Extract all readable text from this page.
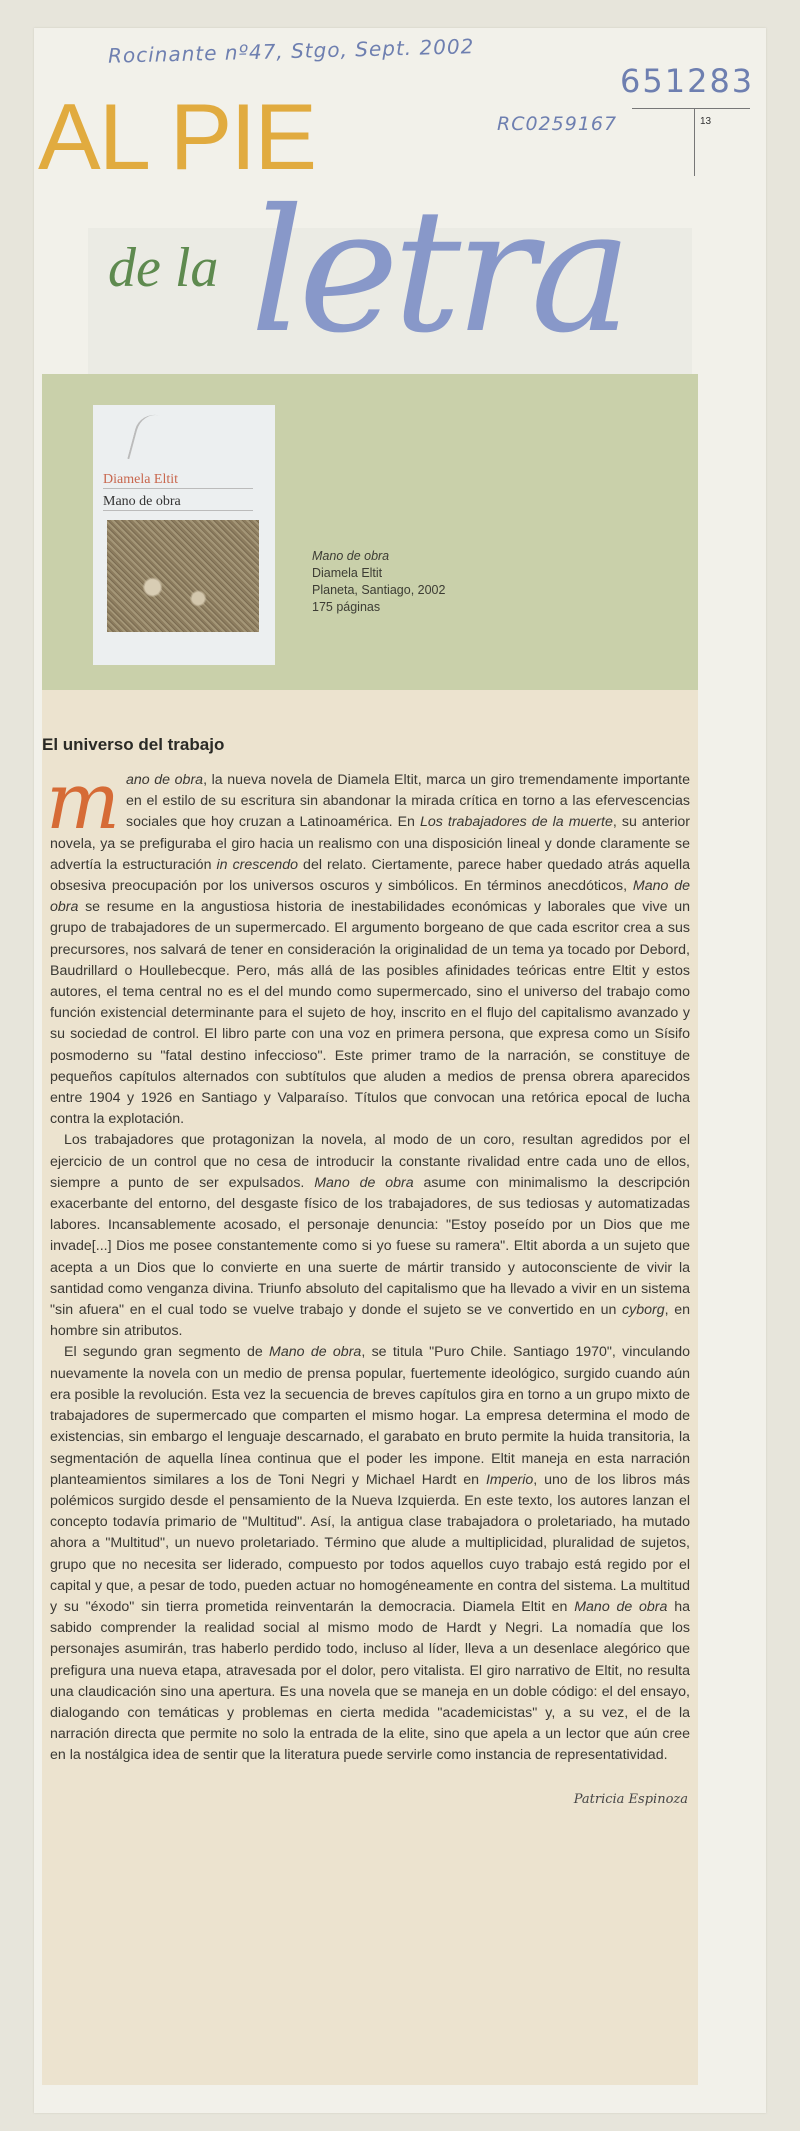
Rocinante nº47, Stgo, Sept. 2002
651283
RC0259167	13
AL PIE
de la letra
Diamela Eltit
Mano de obra
Mano de obra
Diamela Eltit
Planeta, Santiago, 2002
175 páginas
El universo del trabajo

mano de obra, la nueva novela de Diamela Eltit, marca un giro tremendamente importante en el estilo de su escritura sin abandonar la mirada crítica en torno a las efervescencias sociales que hoy cruzan a Latinoamérica. En Los trabajadores de la muerte, su anterior novela, ya se prefiguraba el giro hacia un realismo con una disposición lineal y donde claramente se advertía la estructuración in crescendo del relato. Ciertamente, parece haber quedado atrás aquella obsesiva preocupación por los universos oscuros y simbólicos. En términos anecdóticos, Mano de obra se resume en la angustiosa historia de inestabilidades económicas y laborales que vive un grupo de trabajadores de un supermercado. El argumento borgeano de que cada escritor crea a sus precursores, nos salvará de tener en consideración la originalidad de un tema ya tocado por Debord, Baudrillard o Houllebecque. Pero, más allá de las posibles afinidades teóricas entre Eltit y estos autores, el tema central no es el del mundo como supermercado, sino el universo del trabajo como función existencial determinante para el sujeto de hoy, inscrito en el flujo del capitalismo avanzado y su sociedad de control. El libro parte con una voz en primera persona, que expresa como un Sísifo posmoderno su "fatal destino infeccioso". Este primer tramo de la narración, se constituye de pequeños capítulos alternados con subtítulos que aluden a medios de prensa obrera aparecidos entre 1904 y 1926 en Santiago y Valparaíso. Títulos que convocan una retórica epocal de lucha contra la explotación.

Los trabajadores que protagonizan la novela, al modo de un coro, resultan agredidos por el ejercicio de un control que no cesa de introducir la constante rivalidad entre cada uno de ellos, siempre a punto de ser expulsados. Mano de obra asume con minimalismo la descripción exacerbante del entorno, del desgaste físico de los trabajadores, de sus tediosas y automatizadas labores. Incansablemente acosado, el personaje denuncia: "Estoy poseído por un Dios que me invade[...] Dios me posee constantemente como si yo fuese su ramera". Eltit aborda a un sujeto que acepta a un Dios que lo convierte en una suerte de mártir transido y autoconsciente de vivir la santidad como venganza divina. Triunfo absoluto del capitalismo que ha llevado a vivir en un sistema "sin afuera" en el cual todo se vuelve trabajo y donde el sujeto se ve convertido en un cyborg, en hombre sin atributos.

El segundo gran segmento de Mano de obra, se titula "Puro Chile. Santiago 1970", vinculando nuevamente la novela con un medio de prensa popular, fuertemente ideológico, surgido cuando aún era posible la revolución. Esta vez la secuencia de breves capítulos gira en torno a un grupo mixto de trabajadores de supermercado que comparten el mismo hogar. La empresa determina el modo de existencias, sin embargo el lenguaje descarnado, el garabato en bruto permite la huida transitoria, la segmentación de aquella línea continua que el poder les impone. Eltit maneja en esta narración planteamientos similares a los de Toni Negri y Michael Hardt en Imperio, uno de los libros más polémicos surgido desde el pensamiento de la Nueva Izquierda. En este texto, los autores lanzan el concepto todavía primario de "Multitud". Así, la antigua clase trabajadora o proletariado, ha mutado ahora a "Multitud", un nuevo proletariado. Término que alude a multiplicidad, pluralidad de sujetos, grupo que no necesita ser liderado, compuesto por todos aquellos cuyo trabajo está regido por el capital y que, a pesar de todo, pueden actuar no homogéneamente en contra del sistema. La multitud y su "éxodo" sin tierra prometida reinventarán la democracia. Diamela Eltit en Mano de obra ha sabido comprender la realidad social al mismo modo de Hardt y Negri. La nomadía que los personajes asumirán, tras haberlo perdido todo, incluso al líder, lleva a un desenlace alegórico que prefigura una nueva etapa, atravesada por el dolor, pero vitalista. El giro narrativo de Eltit, no resulta una claudicación sino una apertura. Es una novela que se maneja en un doble código: el del ensayo, dialogando con temáticas y problemas en cierta medida "academicistas" y, a su vez, el de la narración directa que permite no solo la entrada de la elite, sino que apela a un lector que aún cree en la nostálgica idea de sentir que la literatura puede servirle como instancia de representatividad.

Patricia Espinoza
